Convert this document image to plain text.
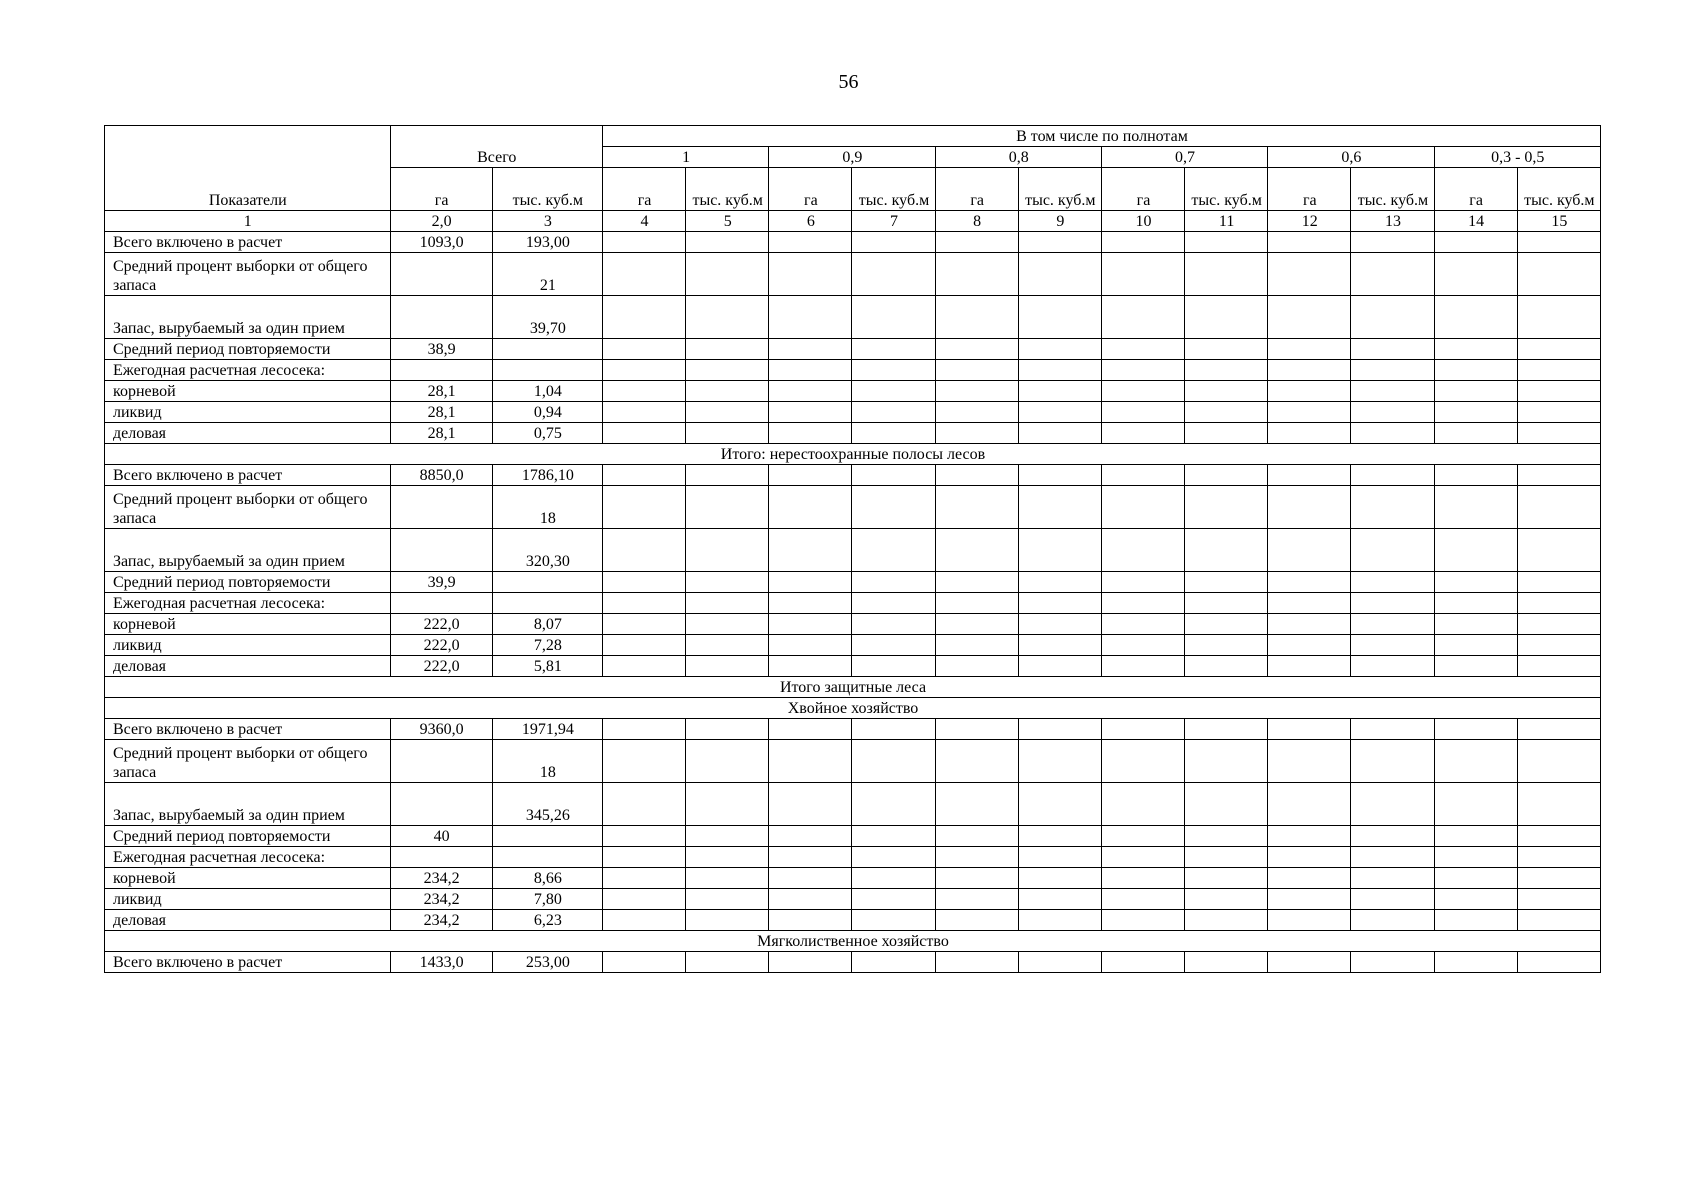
56
Показатели	Всего		В том числе по полнотам											
			1		0,9		0,8		0,7		0,6		0,3 - 0,5	
	га	тыс. куб.м	га	тыс. куб.м	га	тыс. куб.м	га	тыс. куб.м	га	тыс. куб.м	га	тыс. куб.м	га	тыс. куб.м
1	2,0	3	4	5	6	7	8	9	10	11	12	13	14	15
Всего включено в расчет	1093,0	193,00												
Средний процент выборки от общего запаса		21												
Запас, вырубаемый за один прием		39,70												
Средний период повторяемости	38,9													
Ежегодная расчетная лесосека:														
корневой	28,1	1,04												
ликвид	28,1	0,94												
деловая	28,1	0,75												
Итого: нерестоохранные полосы лесов														
Всего включено в расчет	8850,0	1786,10												
Средний процент выборки от общего запаса		18												
Запас, вырубаемый за один прием		320,30												
Средний период повторяемости	39,9													
Ежегодная расчетная лесосека:														
корневой	222,0	8,07												
ликвид	222,0	7,28												
деловая	222,0	5,81												
Итого защитные леса														
Хвойное хозяйство														
Всего включено в расчет	9360,0	1971,94												
Средний процент выборки от общего запаса		18												
Запас, вырубаемый за один прием		345,26												
Средний период повторяемости	40													
Ежегодная расчетная лесосека:														
корневой	234,2	8,66												
ликвид	234,2	7,80												
деловая	234,2	6,23												
Мягколиственное хозяйство														
Всего включено в расчет	1433,0	253,00												
